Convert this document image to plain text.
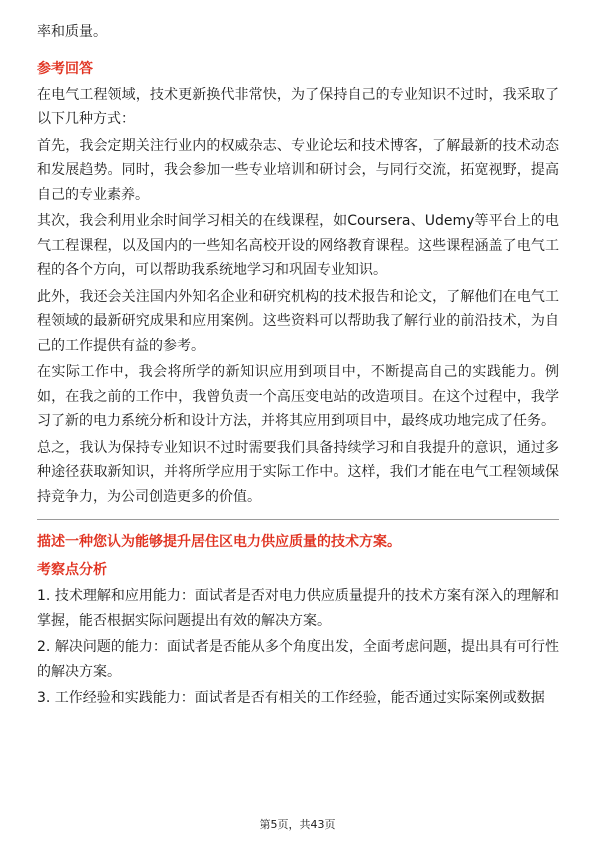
率和质量。

参考回答

在电气工程领域，技术更新换代非常快，为了保持自己的专业知识不过时，我采取了以下几种方式：

首先，我会定期关注行业内的权威杂志、专业论坛和技术博客，了解最新的技术动态和发展趋势。同时，我会参加一些专业培训和研讨会，与同行交流，拓宽视野，提高自己的专业素养。

其次，我会利用业余时间学习相关的在线课程，如Coursera、Udemy等平台上的电气工程课程，以及国内的一些知名高校开设的网络教育课程。这些课程涵盖了电气工程的各个方向，可以帮助我系统地学习和巩固专业知识。

此外，我还会关注国内外知名企业和研究机构的技术报告和论文，了解他们在电气工程领域的最新研究成果和应用案例。这些资料可以帮助我了解行业的前沿技术，为自己的工作提供有益的参考。

在实际工作中，我会将所学的新知识应用到项目中，不断提高自己的实践能力。例如，在我之前的工作中，我曾负责一个高压变电站的改造项目。在这个过程中，我学习了新的电力系统分析和设计方法，并将其应用到项目中，最终成功地完成了任务。

总之，我认为保持专业知识不过时需要我们具备持续学习和自我提升的意识，通过多种途径获取新知识，并将所学应用于实际工作中。这样，我们才能在电气工程领域保持竞争力，为公司创造更多的价值。

描述一种您认为能够提升居住区电力供应质量的技术方案。
考察点分析

1. 技术理解和应用能力：面试者是否对电力供应质量提升的技术方案有深入的理解和掌握，能否根据实际问题提出有效的解决方案。

2. 解决问题的能力：面试者是否能从多个角度出发，全面考虑问题，提出具有可行性的解决方案。

3. 工作经验和实践能力：面试者是否有相关的工作经验，能否通过实际案例或数据

第5页，共43页
